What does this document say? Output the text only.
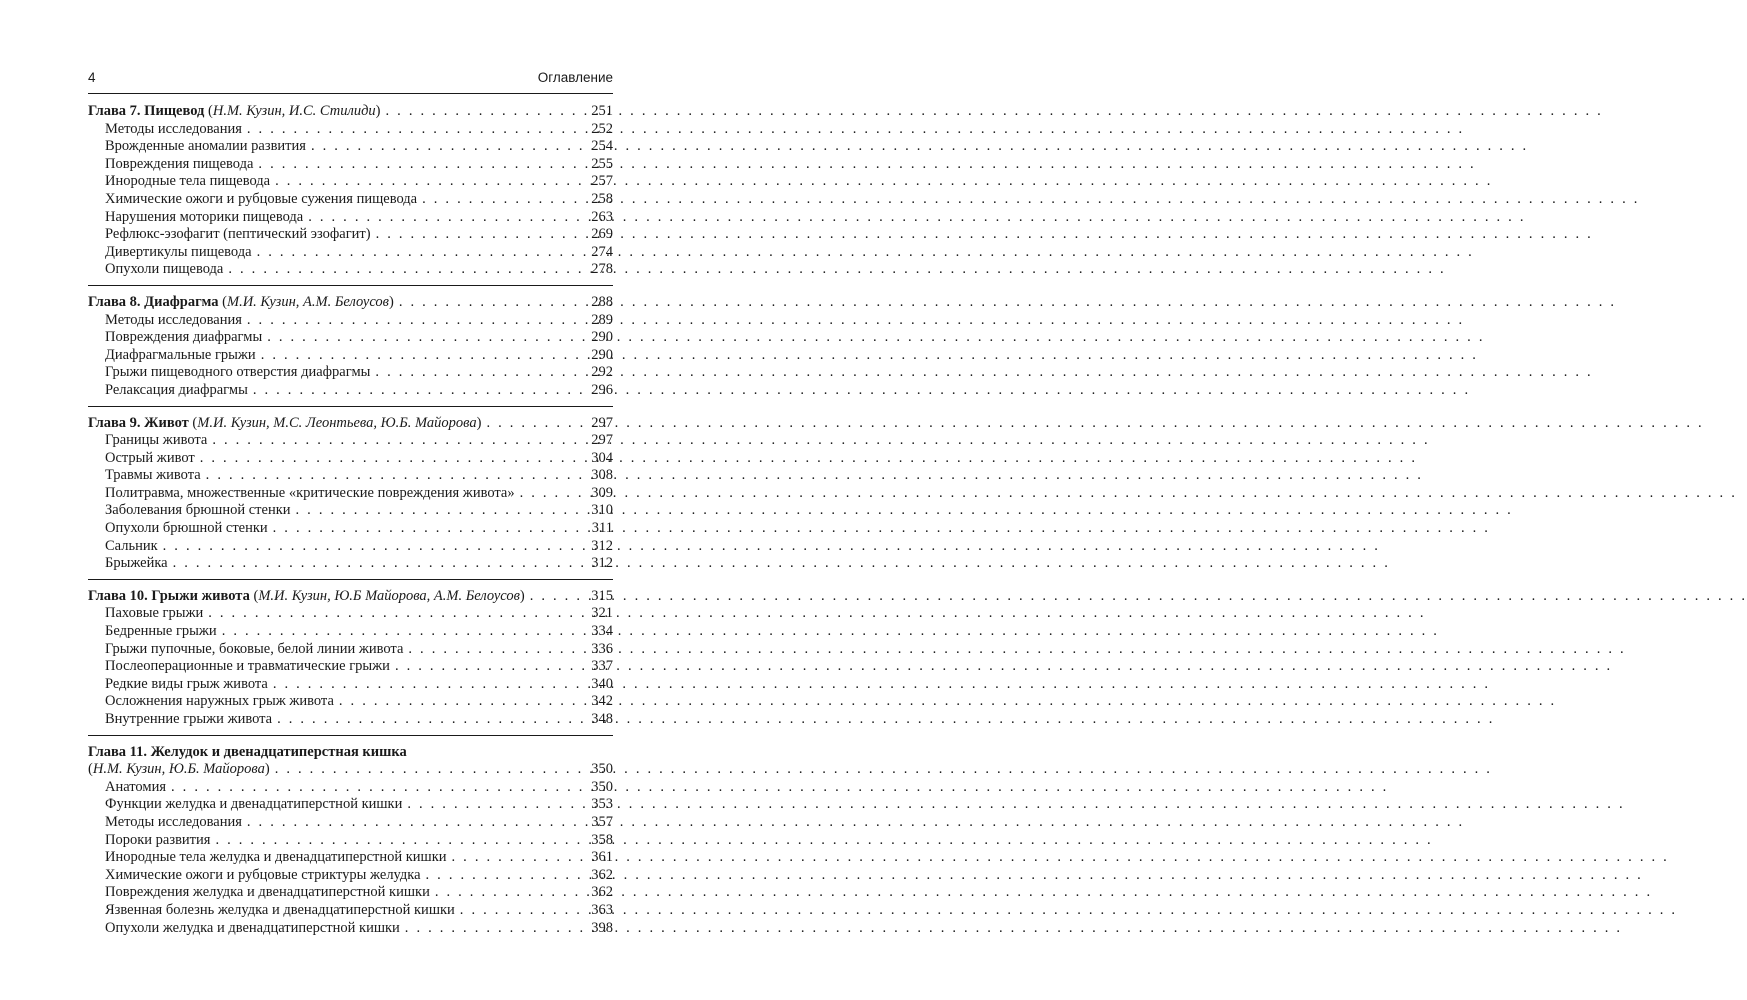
4	Оглавление
Глава 7. Пищевод (Н.М. Кузин, И.С. Стилиди) . . .	251
Методы исследования . . .	252
Врожденные аномалии развития . . .	254
Повреждения пищевода . . .	255
Инородные тела пищевода . . .	257
Химические ожоги и рубцовые сужения пищевода . . .	258
Нарушения моторики пищевода . . .	263
Рефлюкс-эзофагит (пептический эзофагит) . . .	269
Дивертикулы пищевода . . .	274
Опухоли пищевода . . .	278
Глава 8. Диафрагма (М.И. Кузин, А.М. Белоусов) . . .	288
Методы исследования . . .	289
Повреждения диафрагмы . . .	290
Диафрагмальные грыжи . . .	290
Грыжи пищеводного отверстия диафрагмы . . .	292
Релаксация диафрагмы . . .	296
Глава 9. Живот (М.И. Кузин, М.С. Леонтьева, Ю.Б. Майорова) . . .	297
Границы живота . . .	297
Острый живот . . .	304
Травмы живота . . .	308
Политравма, множественные «критические повреждения живота» . . .	309
Заболевания брюшной стенки . . .	310
Опухоли брюшной стенки . . .	311
Сальник . . .	312
Брыжейка . . .	312
Глава 10. Грыжи живота (М.И. Кузин, Ю.Б Майорова, А.М. Белоусов) . . .	315
Паховые грыжи . . .	321
Бедренные грыжи . . .	334
Грыжи пупочные, боковые, белой линии живота . . .	336
Послеоперационные и травматические грыжи . . .	337
Редкие виды грыж живота . . .	340
Осложнения наружных грыж живота . . .	342
Внутренние грыжи живота . . .	348
Глава 11. Желудок и двенадцатиперстная кишка
(Н.М. Кузин, Ю.Б. Майорова) . . .	350
Анатомия . . .	350
Функции желудка и двенадцатиперстной кишки . . .	353
Методы исследования . . .	357
Пороки развития . . .	358
Инородные тела желудка и двенадцатиперстной кишки . . .	361
Химические ожоги и рубцовые стриктуры желудка . . .	362
Повреждения желудка и двенадцатиперстной кишки . . .	362
Язвенная болезнь желудка и двенадцатиперстной кишки . . .	363
Опухоли желудка и двенадцатиперстной кишки . . .	398
